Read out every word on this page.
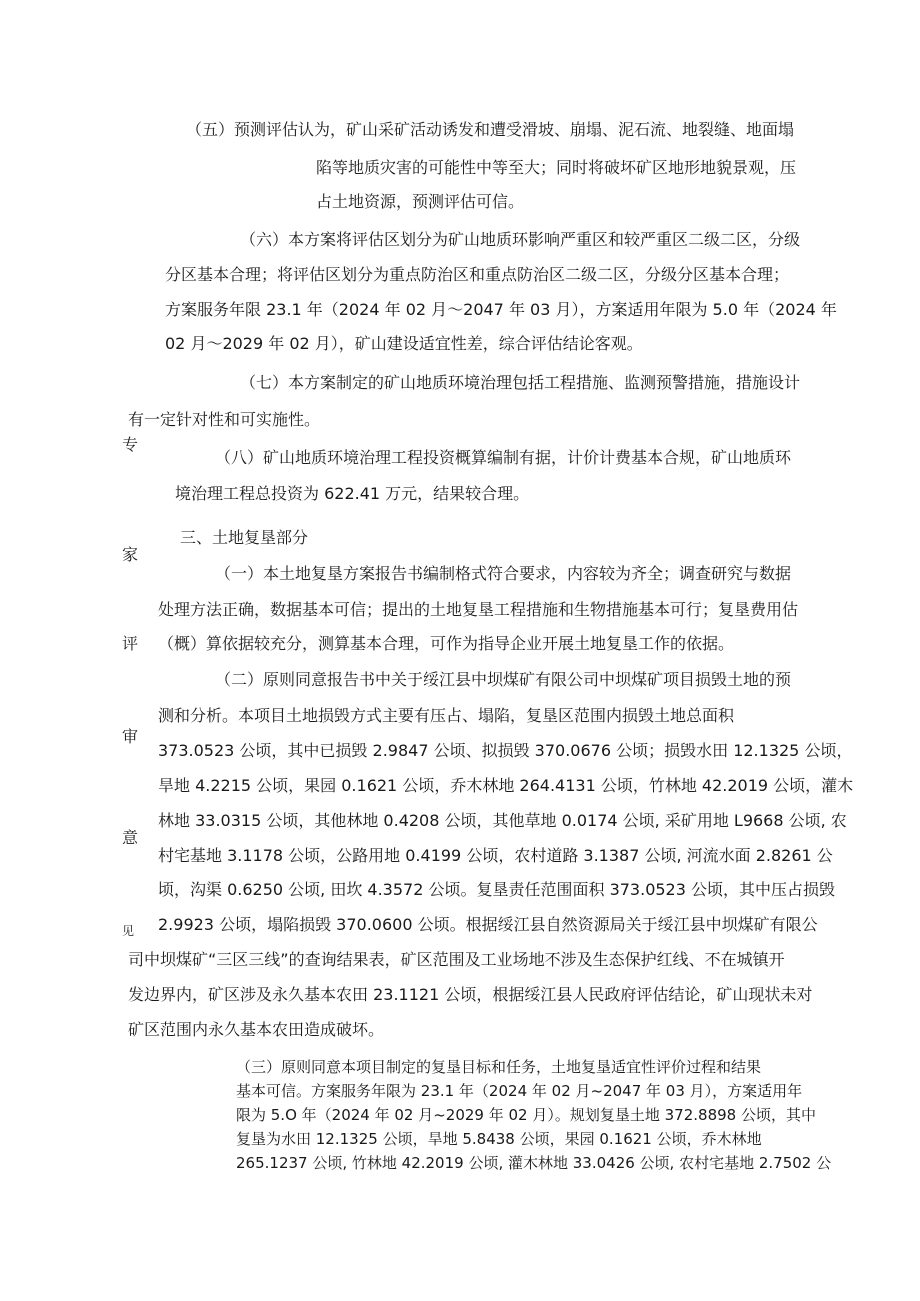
专
家
评
审
意
见
（五）预测评估认为，矿山采矿活动诱发和遭受滑坡、崩塌、泥石流、地裂缝、地面塌
陷等地质灾害的可能性中等至大；同时将破坏矿区地形地貌景观，压
占土地资源，预测评估可信。
（六）本方案将评估区划分为矿山地质环影响严重区和较严重区二级二区，分级
分区基本合理；将评估区划分为重点防治区和重点防治区二级二区，分级分区基本合理；
方案服务年限 23.1 年（2024 年 02 月～2047 年 03 月），方案适用年限为 5.0 年（2024 年
02 月～2029 年 02 月），矿山建设适宜性差，综合评估结论客观。
（七）本方案制定的矿山地质环境治理包括工程措施、监测预警措施，措施设计
有一定针对性和可实施性。
（八）矿山地质环境治理工程投资概算编制有据，计价计费基本合规，矿山地质环
境治理工程总投资为 622.41 万元，结果较合理。
三、土地复垦部分
（一）本土地复垦方案报告书编制格式符合要求，内容较为齐全；调查研究与数据
处理方法正确，数据基本可信；提出的土地复垦工程措施和生物措施基本可行；复垦费用估
（概）算依据较充分，测算基本合理，可作为指导企业开展土地复垦工作的依据。
（二）原则同意报告书中关于绥江县中坝煤矿有限公司中坝煤矿项目损毁土地的预
测和分析。本项目土地损毁方式主要有压占、塌陷，复垦区范围内损毁土地总面积
373.0523 公顷，其中已损毁 2.9847 公顷、拟损毁 370.0676 公顷；损毁水田 12.1325 公顷，
旱地 4.2215 公顷，果园 0.1621 公顷，乔木林地 264.4131 公顷，竹林地 42.2019 公顷，灌木
林地 33.0315 公顷，其他林地 0.4208 公顷，其他草地 0.0174 公顷, 采矿用地 L9668 公顷, 农
村宅基地 3.1178 公顷，公路用地 0.4199 公顷，农村道路 3.1387 公顷, 河流水面 2.8261 公
顷，沟渠 0.6250 公顷, 田坎 4.3572 公顷。复垦责任范围面积 373.0523 公顷，其中压占损毁
2.9923 公顷，塌陷损毁 370.0600 公顷。根据绥江县自然资源局关于绥江县中坝煤矿有限公
司中坝煤矿“三区三线”的查询结果表，矿区范围及工业场地不涉及生态保护红线、不在城镇开
发边界内，矿区涉及永久基本农田 23.1121 公顷，根据绥江县人民政府评估结论，矿山现状未对
矿区范围内永久基本农田造成破坏。
（三）原则同意本项目制定的复垦目标和任务，土地复垦适宜性评价过程和结果
基本可信。方案服务年限为 23.1 年（2024 年 02 月~2047 年 03 月），方案适用年
限为 5.O 年（2024 年 02 月~2029 年 02 月）。规划复垦土地 372.8898 公顷，其中
复垦为水田 12.1325 公顷，旱地 5.8438 公顷，果园 0.1621 公顷，乔木林地
265.1237 公顷, 竹林地 42.2019 公顷, 灌木林地 33.0426 公顷, 农村宅基地 2.7502 公
